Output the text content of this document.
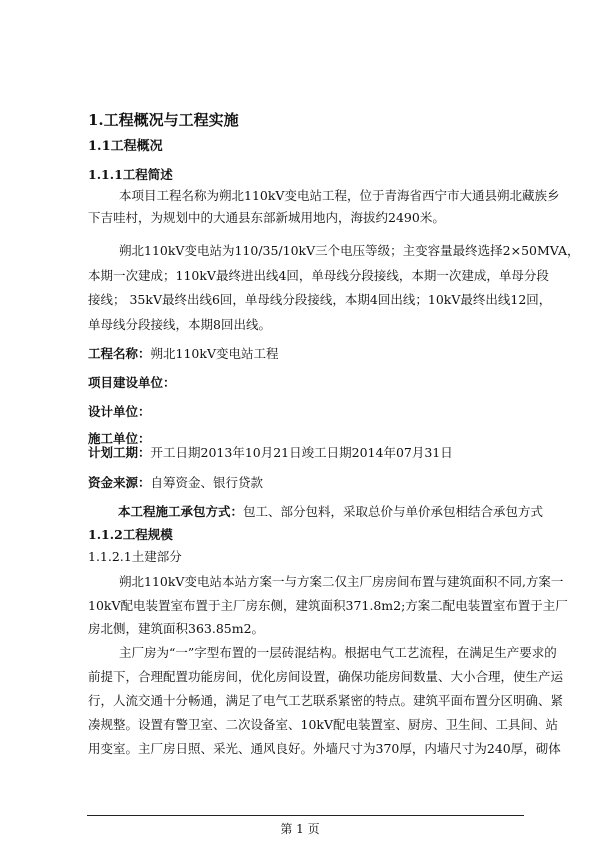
1.工程概况与工程实施
1.1工程概况
1.1.1工程简述
本项目工程名称为朔北110kV变电站工程，位于青海省西宁市大通县朔北藏族乡
下吉哇村，为规划中的大通县东部新城用地内，海拔约2490米。
朔北110kV变电站为110/35/10kV三个电压等级；主变容量最终选择2×50MVA，
本期一次建成；110kV最终进出线4回，单母线分段接线，本期一次建成，单母分段
接线； 35kV最终出线6回，单母线分段接线，本期4回出线；10kV最终出线12回，
单母线分段接线，本期8回出线。
工程名称：朔北110kV变电站工程
项目建设单位：
设计单位：
施工单位：
计划工期：开工日期2013年10月21日竣工日期2014年07月31日
资金来源：自筹资金、银行贷款
本工程施工承包方式：包工、部分包料，采取总价与单价承包相结合承包方式
1.1.2工程规模
1.1.2.1土建部分
朔北110kV变电站本站方案一与方案二仅主厂房房间布置与建筑面积不同,方案一
10kV配电装置室布置于主厂房东侧，建筑面积371.8m2;方案二配电装置室布置于主厂
房北侧，建筑面积363.85m2。
主厂房为“一”字型布置的一层砖混结构。根据电气工艺流程，在满足生产要求的
前提下，合理配置功能房间，优化房间设置，确保功能房间数量、大小合理，使生产运
行，人流交通十分畅通，满足了电气工艺联系紧密的特点。建筑平面布置分区明确、紧
凑规整。设置有警卫室、二次设备室、10kV配电装置室、厨房、卫生间、工具间、站
用变室。主厂房日照、采光、通风良好。外墙尺寸为370厚，内墙尺寸为240厚，砌体
第 1 页
